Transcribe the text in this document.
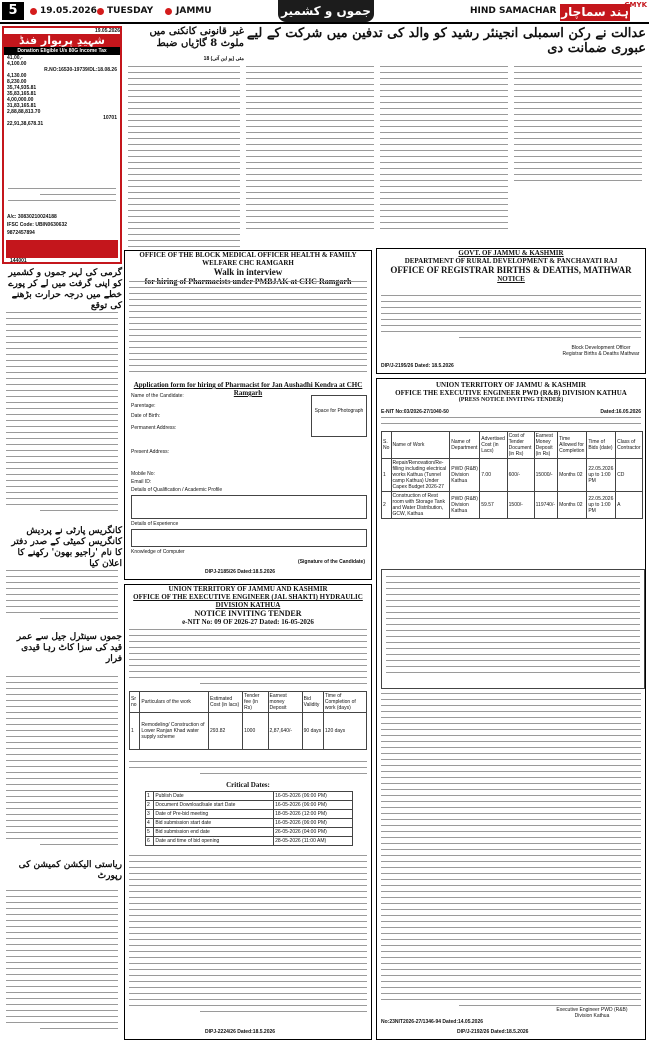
5	19.05.2026 TUESDAY	JAMMU	جموں و کشمیر	HIND SAMACHAR ہند سماچار
CMYK
19.05.2026
شہیدِ پریوار فنڈ
Donation Eligible U/s 80G Income Tax
41,00,-
4,100.00
R.NO:16530-19739/DL:18.08.26
4,130.00
8,230.00
35,74,935.81
35,83,165.81
4,00,000.00
31,83,165.81
2,88,88,813.70
10701
22,91,38,678.31
A/c: 30830210024188
IFSC Code: UBIN0630632
9872457894
144001
غیر قانونی کانکنی میں ملوث 8 گاڑیاں ضبط
18 مئی (یو این آئی)
عدالت نے رکن اسمبلی انجینئر رشید کو والد کی تدفین میں شرکت کے لیے عبوری ضمانت دی
GOVT. OF JAMMU & KASHMIR
DEPARTMENT OF RURAL DEVELOPMENT & PANCHAYATI RAJ
OFFICE OF REGISTRAR BIRTHS & DEATHS, MATHWAR
NOTICE
DIP/J-2195/26 Dated: 18.5.2026
Block Development Officer Registrar Births & Deaths Mathwar
OFFICE OF THE BLOCK MEDICAL OFFICER HEALTH & FAMILY WELFARE CHC RAMGARH
Walk in interview
Application form for hiring of Pharmacist for Jan Aushadhi Kendra at CHC Ramgarh
Name of the Candidate:
Parentage:
Date of Birth:
Permanent Address:
Present Address:
Mobile No:
Email ID:
Details of Qualification / Academic Profile
Details of Experience
Knowledge of Computer
Space for Photograph
(Signature of the Candidate)
DIPJ-2185/26 Dated:18.5.2026
گرمی کی لہر جموں و کشمیر کو اپنی گرفت میں لے کر پورے خطے میں درجہ حرارت بڑھنے کی توقع
کانگریس پارٹی نے پردیش کانگریس کمیٹی کے صدر دفتر کا نام 'راجیو بھون' رکھنے کا اعلان کیا
جموں سینٹرل جیل سے عمر قید کی سزا کاٹ رہا قیدی فرار
ریاستی الیکشن کمیشن کی رپورٹ
UNION TERRITORY OF JAMMU AND KASHMIR
OFFICE OF THE EXECUTIVE ENGINEER (JAL SHAKTI) HYDRAULIC DIVISION KATHUA
NOTICE INVITING TENDER
e-NIT No: 09 OF 2026-27 Dated: 16-05-2026
Sr no	Particulars of the work	Estimated Cost (in lacs)	Tender fee (in Rs)	Earnest money Deposit	Bid Validity	Time of Completion of work (days)
1	Remodeling/ Construction of Lower Ranjan Khad water supply scheme	293.82	1000	2,87,640/-	90 days	120 days
Critical Dates:
1	Publish Date	16-05-2026 (06:00 PM)
2	Document Download/sale start Date	16-05-2026 (06:00 PM)
3	Date of Pre-bid meeting	18-05-2026 (12:00 PM)
4	Bid submission start date	16-05-2026 (06:00 PM)
5	Bid submission end date	26-05-2026 (04:00 PM)
6	Date and time of bid opening	28-05-2026 (11:00 AM)
DIPJ-2224/26 Dated:18.5.2026
UNION TERRITORY OF JAMMU & KASHMIR
OFFICE THE EXECUTIVE ENGINEER PWD (R&B) DIVISION KATHUA
(PRESS NOTICE INVITING TENDER)
E-NIT No:03/2026-27/1040-50	Dated:16.05.2026
S. No	Name of Work	Name of Department	Advertised Cost (in Lacs)	Cost of Tender Document (in Rs)	Earnest Money Deposit (in Rs)	Time Allowed for Completion	Time of Bids (date)	Class of Contractor
1	Repair/Renovation/Re-filling including electrical works Kathua (Tunnel camp Kathua) Under Capex Budget 2026-27	PWD (R&B) Division Kathua	7.00	600/-	15000/-	Months 02	22.05.2026 up to 1:00 PM	CD
2	Construction of Rest room with Storage Tank and Water Distribution, GCW, Kathua	PWD (R&B) Division Kathua	59.57	1500/-	119740/-	Months 02	22.05.2026 up to 1:00 PM	A
Executive Engineer PWD (R&B) Division Kathua
No:23NIT2026-27/1346-94 Dated:14.05.2026
DIP/J-2192/26 Dated:18.5.2026
